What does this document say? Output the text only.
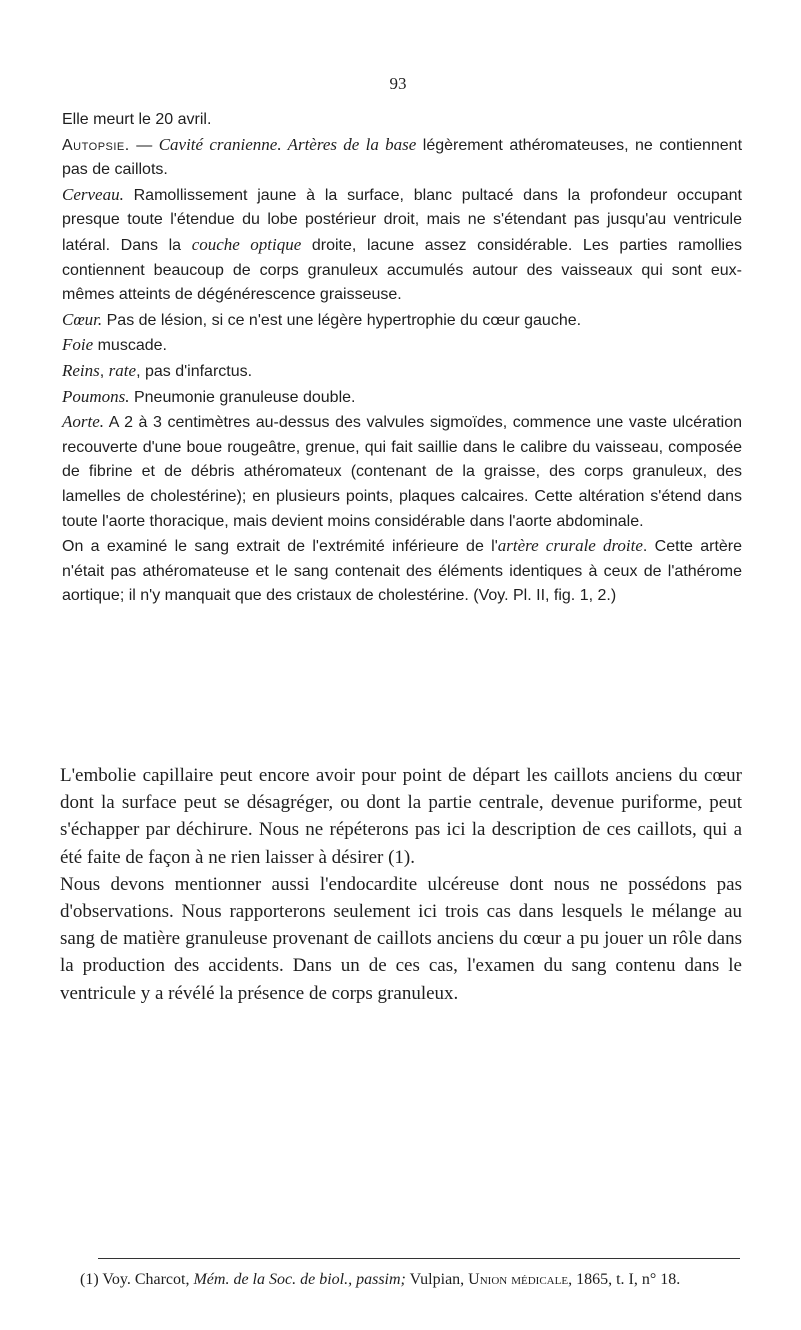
93

Elle meurt le 20 avril.

Autopsie. — Cavité cranienne. Artères de la base légèrement athéromateuses, ne contiennent pas de caillots.

Cerveau. Ramollissement jaune à la surface, blanc pultacé dans la profondeur occupant presque toute l'étendue du lobe postérieur droit, mais ne s'étendant pas jusqu'au ventricule latéral. Dans la couche optique droite, lacune assez considérable. Les parties ramollies contiennent beaucoup de corps granuleux accumulés autour des vaisseaux qui sont eux-mêmes atteints de dégénérescence graisseuse.

Cœur. Pas de lésion, si ce n'est une légère hypertrophie du cœur gauche.

Foie muscade.

Reins, rate, pas d'infarctus.

Poumons. Pneumonie granuleuse double.

Aorte. A 2 à 3 centimètres au-dessus des valvules sigmoïdes, commence une vaste ulcération recouverte d'une boue rougeâtre, grenue, qui fait saillie dans le calibre du vaisseau, composée de fibrine et de débris athéromateux (contenant de la graisse, des corps granuleux, des lamelles de cholestérine); en plusieurs points, plaques calcaires. Cette altération s'étend dans toute l'aorte thoracique, mais devient moins considérable dans l'aorte abdominale.

On a examiné le sang extrait de l'extrémité inférieure de l'artère crurale droite. Cette artère n'était pas athéromateuse et le sang contenait des éléments identiques à ceux de l'athérome aortique; il n'y manquait que des cristaux de cholestérine. (Voy. Pl. II, fig. 1, 2.)

L'embolie capillaire peut encore avoir pour point de départ les caillots anciens du cœur dont la surface peut se désagréger, ou dont la partie centrale, devenue puriforme, peut s'échapper par déchirure. Nous ne répéterons pas ici la description de ces caillots, qui a été faite de façon à ne rien laisser à désirer (1).

Nous devons mentionner aussi l'endocardite ulcéreuse dont nous ne possédons pas d'observations. Nous rapporterons seulement ici trois cas dans lesquels le mélange au sang de matière granuleuse provenant de caillots anciens du cœur a pu jouer un rôle dans la production des accidents. Dans un de ces cas, l'examen du sang contenu dans le ventricule y a révélé la présence de corps granuleux.

(1) Voy. Charcot, Mém. de la Soc. de biol., passim; Vulpian, Union médicale, 1865, t. I, n° 18.
